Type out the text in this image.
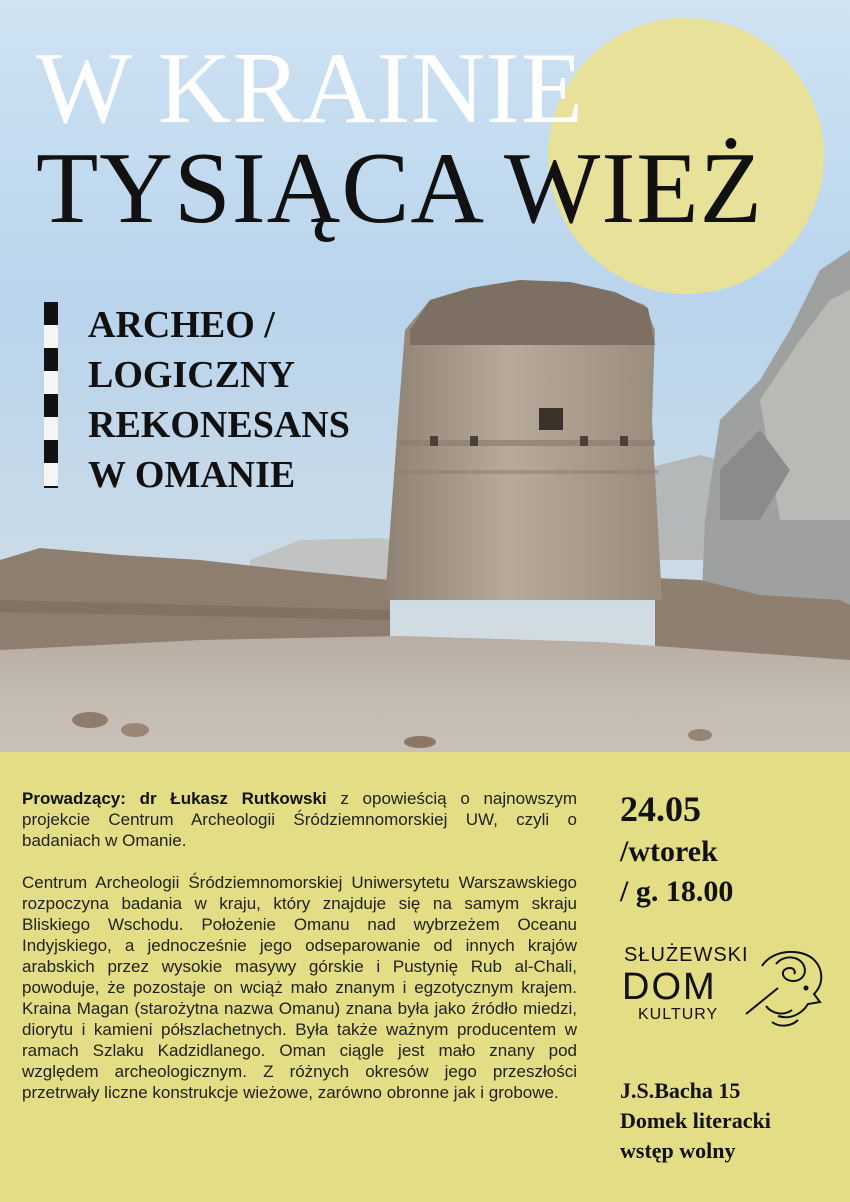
W KRAINIE
TYSIĄCA WIEŻ
ARCHEO /
LOGICZNY
REKONESANS
W OMANIE

Prowadzący: dr Łukasz Rutkowski z opowieścią o najnowszym projekcie Centrum Archeologii Śródziemnomorskiej UW, czyli o badaniach w Omanie.

Centrum Archeologii Śródziemnomorskiej Uniwersytetu Warszawskiego rozpoczyna badania w kraju, który znajduje się na samym skraju Bliskiego Wschodu. Położenie Omanu nad wybrzeżem Oceanu Indyjskiego, a jednocześnie jego odseparowanie od innych krajów arabskich przez wysokie masywy górskie i Pustynię Rub al-Chali, powoduje, że pozostaje on wciąż mało znanym i egzotycznym krajem. Kraina Magan (starożytna nazwa Omanu) znana była jako źródło miedzi, diorytu i kamieni półszlachetnych. Była także ważnym producentem w ramach Szlaku Kadzidlanego. Oman ciągle jest mało znany pod względem archeologicznym. Z różnych okresów jego przeszłości przetrwały liczne konstrukcje wieżowe, zarówno obronne jak i grobowe.

24.05
/wtorek
/ g. 18.00
SŁUŻEWSKI
DOM
KULTURY
J.S.Bacha 15
Domek literacki
wstęp wolny
